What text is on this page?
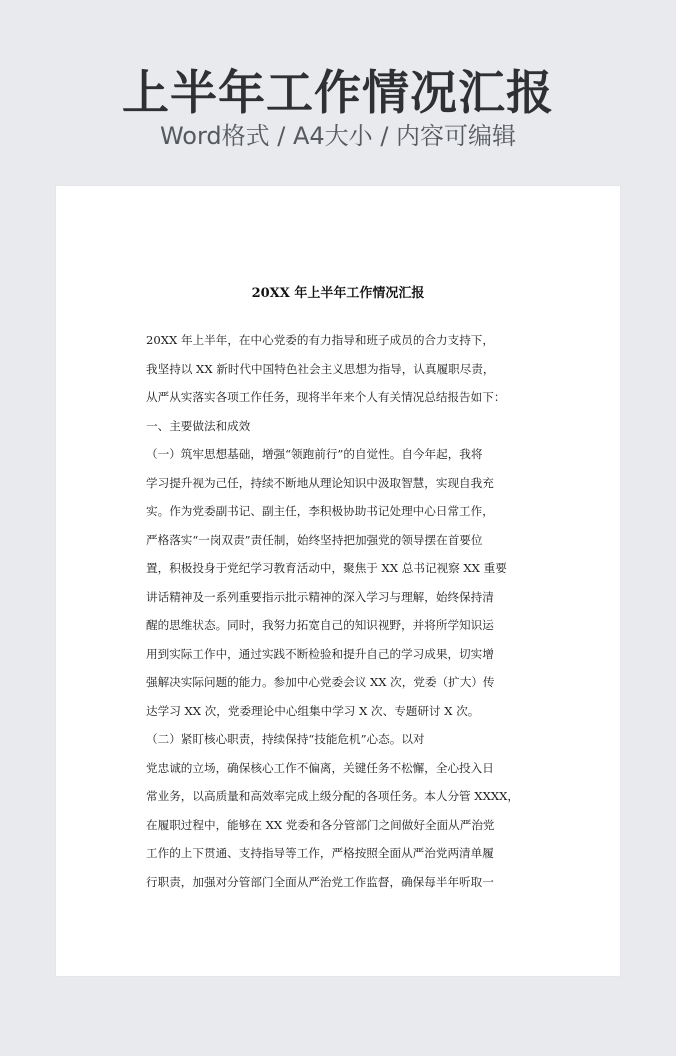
上半年工作情况汇报
Word格式 / A4大小 / 内容可编辑
20XX 年上半年工作情况汇报
20XX 年上半年，在中心党委的有力指导和班子成员的合力支持下，
我坚持以 XX 新时代中国特色社会主义思想为指导，认真履职尽责，
从严从实落实各项工作任务，现将半年来个人有关情况总结报告如下：
一、主要做法和成效
（一）筑牢思想基础，增强“领跑前行”的自觉性。自今年起，我将
学习提升视为己任，持续不断地从理论知识中汲取智慧，实现自我充
实。作为党委副书记、副主任，李积极协助书记处理中心日常工作，
严格落实“一岗双责”责任制，始终坚持把加强党的领导摆在首要位
置，积极投身于党纪学习教育活动中，聚焦于 XX 总书记视察 XX 重要
讲话精神及一系列重要指示批示精神的深入学习与理解，始终保持清
醒的思维状态。同时，我努力拓宽自己的知识视野，并将所学知识运
用到实际工作中，通过实践不断检验和提升自己的学习成果，切实增
强解决实际问题的能力。参加中心党委会议 XX 次，党委（扩大）传
达学习 XX 次，党委理论中心组集中学习 X 次、专题研讨 X 次。
（二）紧盯核心职责，持续保持“技能危机”心态。以对
党忠诚的立场，确保核心工作不偏离，关键任务不松懈，全心投入日
常业务，以高质量和高效率完成上级分配的各项任务。本人分管 XXXX，
在履职过程中，能够在 XX 党委和各分管部门之间做好全面从严治党
工作的上下贯通、支持指导等工作，严格按照全面从严治党两清单履
行职责，加强对分管部门全面从严治党工作监督，确保每半年听取一
